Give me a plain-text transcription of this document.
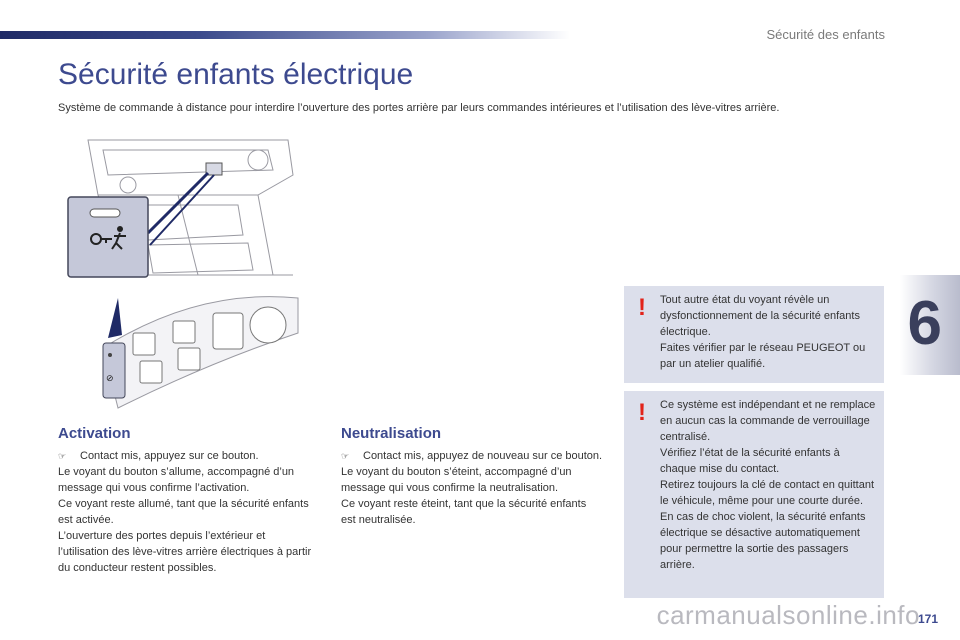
Sécurité des enfants
Sécurité enfants électrique
Système de commande à distance pour interdire l’ouverture des portes arrière par leurs commandes intérieures et l’utilisation des lève-vitres arrière.
6
⊘
Activation
☞ Contact mis, appuyez sur ce bouton.

Le voyant du bouton s’allume, accompagné d’un message qui vous confirme l’activation.

Ce voyant reste allumé, tant que la sécurité enfants est activée.

L’ouverture des portes depuis l’extérieur et l’utilisation des lève-vitres arrière électriques à partir du conducteur restent possibles.

Neutralisation
☞ Contact mis, appuyez de nouveau sur ce bouton.

Le voyant du bouton s’éteint, accompagné d’un message qui vous confirme la neutralisation.

Ce voyant reste éteint, tant que la sécurité enfants est neutralisée.

! Tout autre état du voyant révèle un dysfonctionnement de la sécurité enfants électrique.
Faites vérifier par le réseau PEUGEOT ou par un atelier qualifié.
! Ce système est indépendant et ne remplace en aucun cas la commande de verrouillage centralisé.
Vérifiez l’état de la sécurité enfants à chaque mise du contact.
Retirez toujours la clé de contact en quittant le véhicule, même pour une courte durée.
En cas de choc violent, la sécurité enfants électrique se désactive automatiquement pour permettre la sortie des passagers arrière.
171
carmanualsonline.info
